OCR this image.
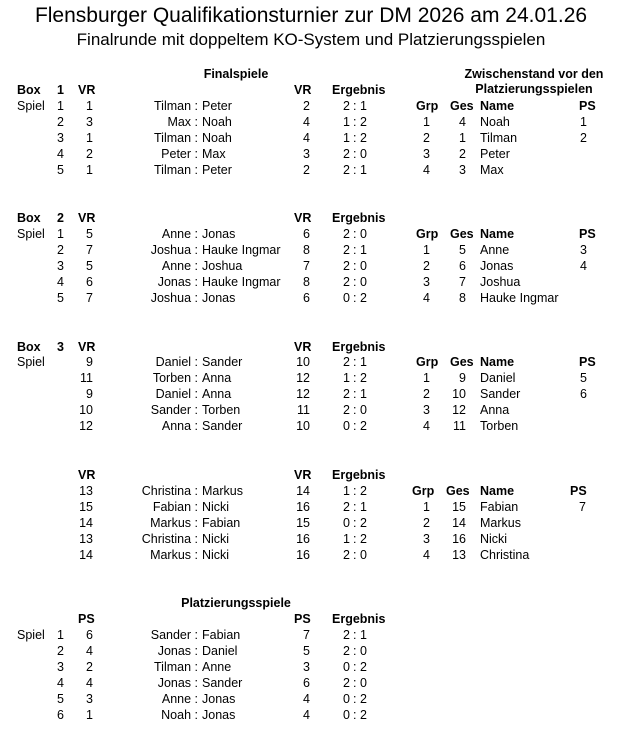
Flensburger Qualifikationsturnier zur DM 2026 am 24.01.26
Finalrunde mit doppeltem KO-System und Platzierungsspielen
Finalspiele	Zwischenstand vor den
Platzierungsspielen
Box 1 VR	VR Ergebnis
Spiel	Grp Ges Name	PS
1 1	Tilman : Peter	2	2 : 1
2 3	Max : Noah	4	1 : 2
3 1	Tilman : Noah	4	1 : 2
4 2	Peter : Max	3	2 : 0
5 1	Tilman : Peter	2	2 : 1
1 4 Noah	1
2 1 Tilman	2
3 2 Peter
4 3 Max
Box 2 VR	VR Ergebnis
Spiel	Grp Ges Name	PS
1 5	Anne : Jonas	6	2 : 0
2 7	Joshua : Hauke Ingmar 8	2 : 1
3 5	Anne : Joshua	7	2 : 0
4 6	Jonas : Hauke Ingmar 8	2 : 0
5 7	Joshua : Jonas	6	0 : 2
1 5 Anne	3
2 6 Jonas	4
3 7 Joshua
4 8 Hauke Ingmar
Box 3 VR	VR Ergebnis
Spiel	Grp Ges Name	PS
9	Daniel : Sander	10	2 : 1
11	Torben : Anna	12	1 : 2
9	Daniel : Anna	12	2 : 1
10	Sander : Torben	11	2 : 0
12	Anna : Sander	10	0 : 2
1 9 Daniel	5
2 10 Sander	6
3 12 Anna
4 11 Torben
VR	VR Ergebnis
Grp Ges Name	PS
13	Christina : Markus	14	1 : 2
15	Fabian : Nicki	16	2 : 1
14	Markus : Fabian	15	0 : 2
13	Christina : Nicki	16	1 : 2
14	Markus : Nicki	16	2 : 0
1 15 Fabian	7
2 14 Markus
3 16 Nicki
4 13 Christina
Platzierungsspiele
PS	PS Ergebnis
Spiel 1 6	Sander : Fabian	7	2 : 1
2 4	Jonas : Daniel	5	2 : 0
3 2	Tilman : Anne	3	0 : 2
4 4	Jonas : Sander	6	2 : 0
5 3	Anne : Jonas	4	0 : 2
6 1	Noah : Jonas	4	0 : 2
